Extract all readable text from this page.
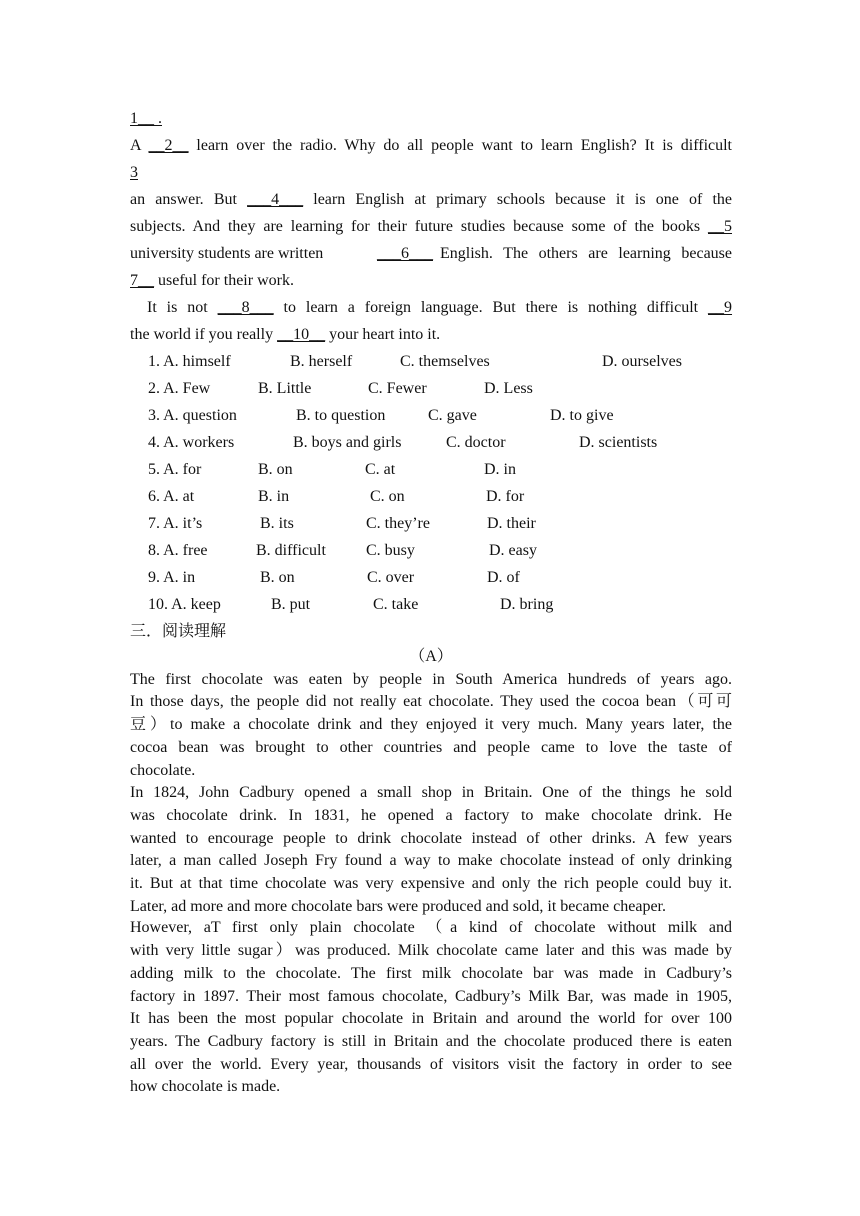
1__ .
A __2__ learn over the radio. Why do all people want to learn English? It is difficult
3
an answer. But ___4___ learn English at primary schools because it is one of the
subjects. And they are learning for their future studies because some of the books __5
university students are written	___6___ English. The others are learning because
7__ useful for their work.
It is not ___8___ to learn a foreign language. But there is nothing difficult __9
the world if you really __10__ your heart into it.
1. A. himself	B. herself	C. themselves	D. ourselves
2. A. Few	B. Little	C. Fewer	D. Less
3. A. question	B. to question	C. gave	D. to give
4. A. workers	B. boys and girls	C. doctor	D. scientists
5. A. for	B. on	C. at	D. in
6. A. at	B. in	C. on	D. for
7. A. it’s	B. its	C. they’re	D. their
8. A. free	B. difficult	C. busy	D. easy
9. A. in	B. on	C. over	D. of
10. A. keep	B. put	C. take	D. bring
三．阅读理解
（A）
The first chocolate was eaten by people in South America hundreds of years ago.
In those days, the people did not really eat chocolate. They used the cocoa bean（可可
豆）to make a chocolate drink and they enjoyed it very much. Many years later, the
cocoa bean was brought to other countries and people came to love the taste of
chocolate.
In 1824, John Cadbury opened a small shop in Britain. One of the things he sold
was chocolate drink. In 1831, he opened a factory to make chocolate drink. He
wanted to encourage people to drink chocolate instead of other drinks. A few years
later, a man called Joseph Fry found a way to make chocolate instead of only drinking
it. But at that time chocolate was very expensive and only the rich people could buy it.
Later, ad more and more chocolate bars were produced and sold, it became cheaper.
However, aT first only plain chocolate （a kind of chocolate without milk and
with very little sugar）was produced. Milk chocolate came later and this was made by
adding milk to the chocolate. The first milk chocolate bar was made in Cadbury’s
factory in 1897. Their most famous chocolate, Cadbury’s Milk Bar, was made in 1905,
It has been the most popular chocolate in Britain and around the world for over 100
years. The Cadbury factory is still in Britain and the chocolate produced there is eaten
all over the world. Every year, thousands of visitors visit the factory in order to see
how chocolate is made.
